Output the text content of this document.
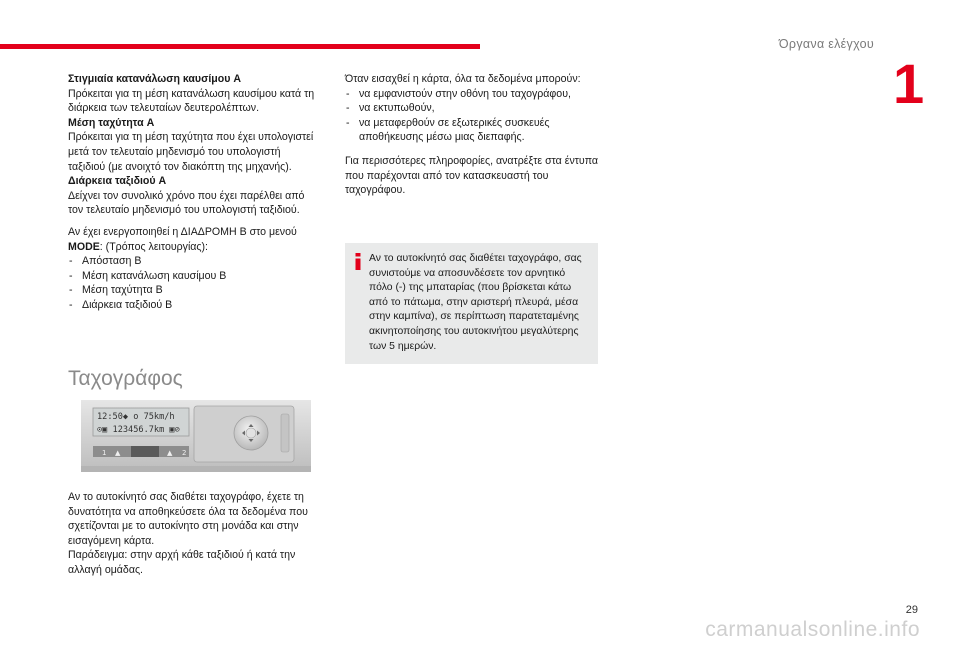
Όργανα ελέγχου
1

Στιγμιαία κατανάλωση καυσίμου A

Πρόκειται για τη μέση κατανάλωση καυσίμου κατά τη διάρκεια των τελευταίων δευτερολέπτων.

Μέση ταχύτητα A

Πρόκειται για τη μέση ταχύτητα που έχει υπολογιστεί μετά τον τελευταίο μηδενισμό του υπολογιστή ταξιδιού (με ανοιχτό τον διακόπτη της μηχανής).

Διάρκεια ταξιδιού A

Δείχνει τον συνολικό χρόνο που έχει παρέλθει από τον τελευταίο μηδενισμό του υπολογιστή ταξιδιού.

Αν έχει ενεργοποιηθεί η ΔΙΑΔΡΟΜΗ B στο μενού
MODE: (Τρόπος λειτουργίας):

- Απόσταση B
- Μέση κατανάλωση καυσίμου B
- Μέση ταχύτητα B
- Διάρκεια ταξιδιού B
Ταχογράφος
12:50◆ o 75km/h
⊙▣ 123456.7km ▣⊘
1 ▲	▲ 2

Αν το αυτοκίνητό σας διαθέτει ταχογράφο, έχετε τη δυνατότητα να αποθηκεύσετε όλα τα δεδομένα που σχετίζονται με το αυτοκίνητο στη μονάδα και στην εισαγόμενη κάρτα.

Παράδειγμα: στην αρχή κάθε ταξιδιού ή κατά την αλλαγή ομάδας.

Όταν εισαχθεί η κάρτα, όλα τα δεδομένα μπορούν:

- να εμφανιστούν στην οθόνη του ταχογράφου,
- να εκτυπωθούν,
- να μεταφερθούν σε εξωτερικές συσκευές αποθήκευσης μέσω μιας διεπαφής.

Για περισσότερες πληροφορίες, ανατρέξτε στα έντυπα που παρέχονται από τον κατασκευαστή του ταχογράφου.

Αν το αυτοκίνητό σας διαθέτει ταχογράφο, σας συνιστούμε να αποσυνδέσετε τον αρνητικό πόλο (-) της μπαταρίας (που βρίσκεται κάτω από το πάτωμα, στην αριστερή πλευρά, μέσα στην καμπίνα), σε περίπτωση παρατεταμένης ακινητοποίησης του αυτοκινήτου μεγαλύτερης των 5 ημερών.

29
carmanualsonline.info
